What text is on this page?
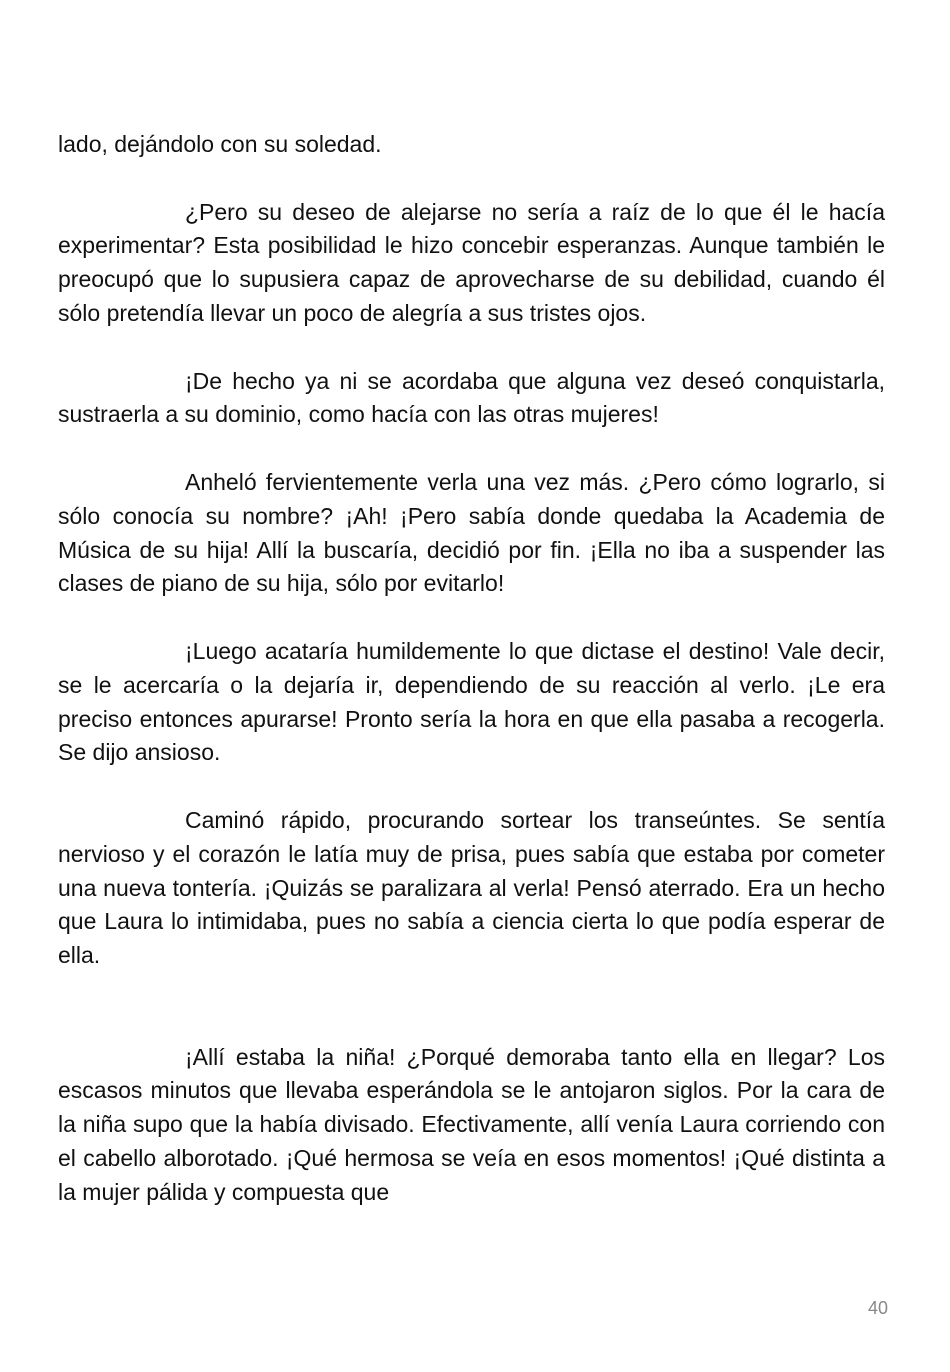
lado, dejándolo con su soledad.

¿Pero su deseo de alejarse no sería a raíz de lo que él le hacía experimentar? Esta posibilidad le hizo concebir esperanzas. Aunque también le preocupó que lo supusiera capaz de aprovecharse de su debilidad, cuando él sólo pretendía llevar un poco de alegría a sus tristes ojos.

¡De hecho ya ni se acordaba que alguna vez deseó conquistarla, sustraerla a su dominio, como hacía con las otras mujeres!

Anheló fervientemente verla una vez más. ¿Pero cómo lograrlo, si sólo conocía su nombre? ¡Ah! ¡Pero sabía donde quedaba la Academia de Música de su hija! Allí la buscaría, decidió por fin. ¡Ella no iba a suspender las clases de piano de su hija, sólo por evitarlo!

¡Luego acataría humildemente lo que dictase el destino! Vale decir, se le acercaría o la dejaría ir, dependiendo de su reacción al verlo. ¡Le era preciso entonces apurarse! Pronto sería la hora en que ella pasaba a recogerla. Se dijo ansioso.

Caminó rápido, procurando sortear los transeúntes. Se sentía nervioso y el corazón le latía muy de prisa, pues sabía que estaba por cometer una nueva tontería. ¡Quizás se paralizara al verla! Pensó aterrado. Era un hecho que Laura lo intimidaba, pues no sabía a ciencia cierta lo que podía esperar de ella.

¡Allí estaba la niña! ¿Porqué demoraba tanto ella en llegar? Los escasos minutos que llevaba esperándola se le antojaron siglos. Por la cara de la niña supo que la había divisado. Efectivamente, allí venía Laura corriendo con el cabello alborotado. ¡Qué hermosa se veía en esos momentos! ¡Qué distinta a la mujer pálida y compuesta que

40
